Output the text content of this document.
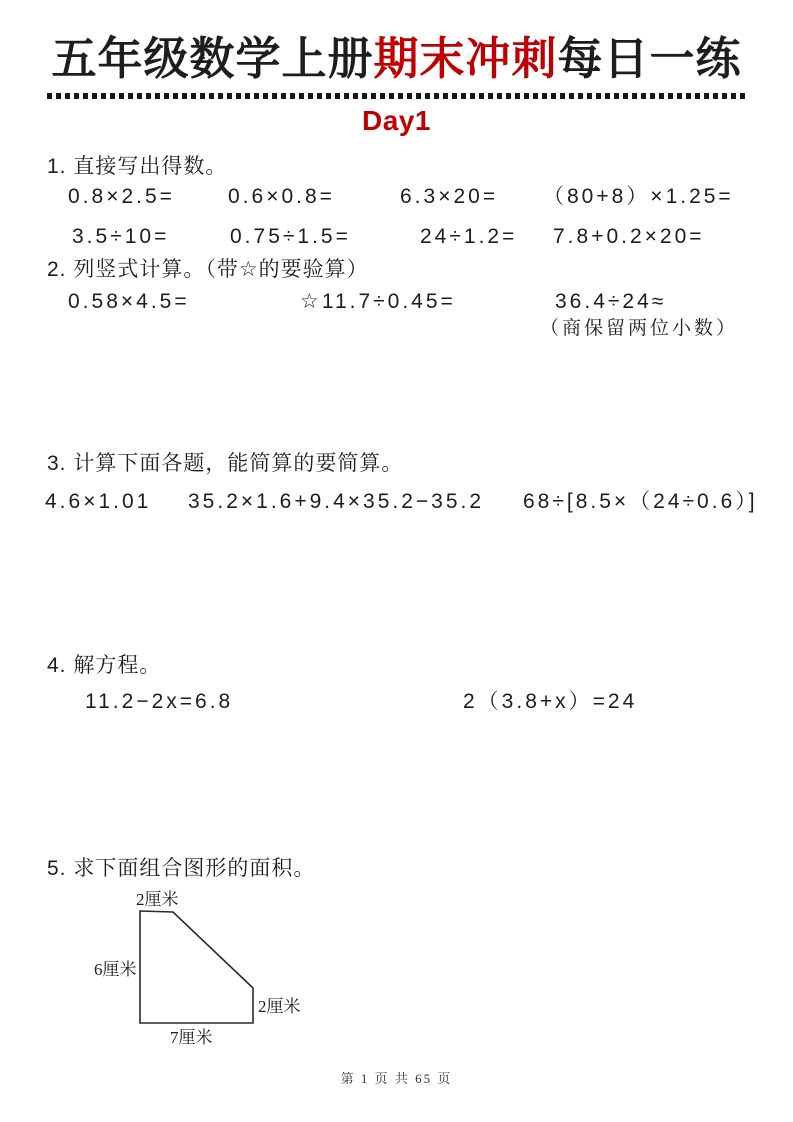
五年级数学上册期末冲刺每日一练
Day1
1. 直接写出得数。
0.8×2.5=	0.6×0.8=	6.3×20= （80+8）×1.25=
3.5÷10=	0.75÷1.5=	24÷1.2= 7.8+0.2×20=
2. 列竖式计算。（带☆的要验算）
0.58×4.5=	☆11.7÷0.45=	36.4÷24≈
（商保留两位小数）
3. 计算下面各题，能简算的要简算。
4.6×1.01 35.2×1.6+9.4×35.2−35.2 68÷[8.5×（24÷0.6）]
4. 解方程。
11.2−2x=6.8	2（3.8+x）=24
5. 求下面组合图形的面积。
2厘米
6厘米
2厘米
7厘米
第 1 页 共 65 页
